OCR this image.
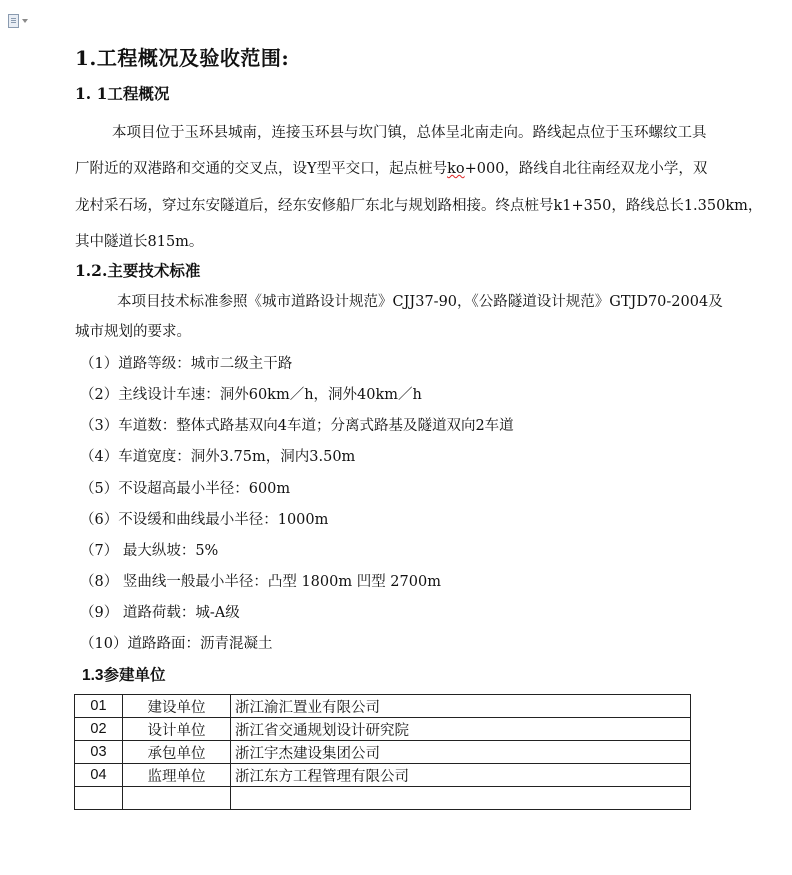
1.工程概况及验收范围:
1. 1工程概况
本项目位于玉环县城南，连接玉环县与坎门镇，总体呈北南走向。路线起点位于玉环螺纹工具
厂附近的双港路和交通的交叉点，设Y型平交口，起点桩号ko+000，路线自北往南经双龙小学，双
龙村采石场，穿过东安隧道后，经东安修船厂东北与规划路相接。终点桩号k1+350，路线总长1.350km，
其中隧道长815m。
1.2.主要技术标准
本项目技术标准参照《城市道路设计规范》CJJ37-90，《公路隧道设计规范》GTJD70-2004及
城市规划的要求。
（1）道路等级：城市二级主干路
（2）主线设计车速：洞外60km／h，洞外40km／h
（3）车道数：整体式路基双向4车道；分离式路基及隧道双向2车道
（4）车道宽度：洞外3.75m，洞内3.50m
（5）不设超高最小半径：600m
（6）不设缓和曲线最小半径：1000m
（7） 最大纵坡：5%
（8） 竖曲线一般最小半径：凸型 1800m 凹型 2700m
（9） 道路荷载：城-A级
（10）道路路面：沥青混凝土
1.3参建单位
01	建设单位	浙江渝汇置业有限公司
02	设计单位	浙江省交通规划设计研究院
03	承包单位	浙江宇杰建设集团公司
04	监理单位	浙江东方工程管理有限公司
